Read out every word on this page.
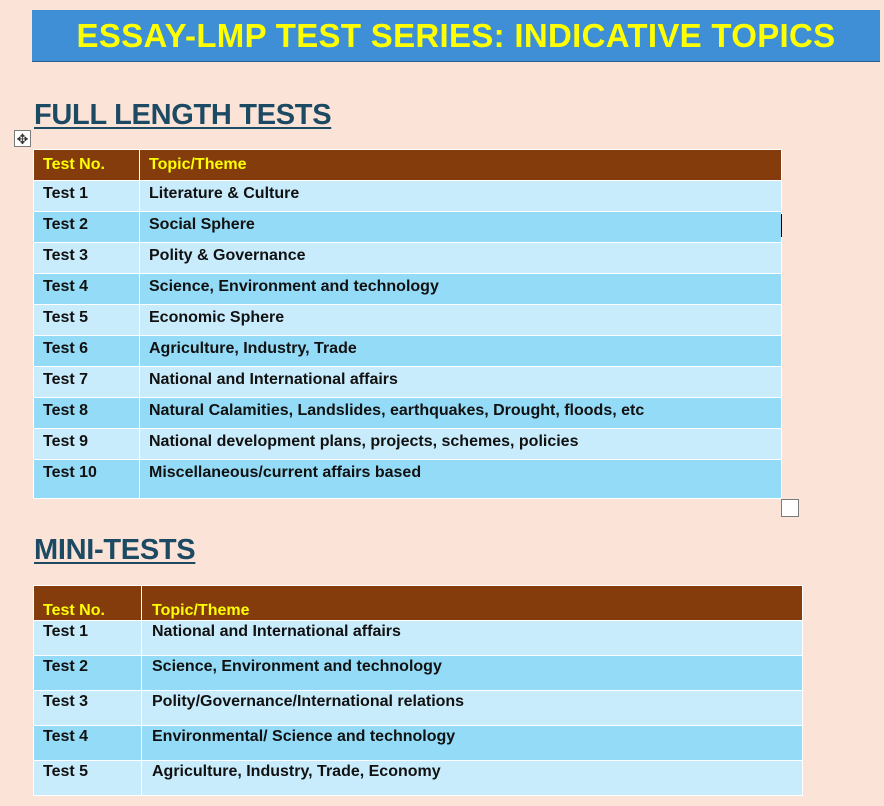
ESSAY-LMP TEST SERIES: INDICATIVE TOPICS
FULL LENGTH TESTS
✥
Test No.	Topic/Theme
Test 1	Literature & Culture
Test 2	Social Sphere
Test 3	Polity & Governance
Test 4	Science, Environment and technology
Test 5	Economic Sphere
Test 6	Agriculture, Industry, Trade
Test 7	National and International affairs
Test 8	Natural Calamities, Landslides, earthquakes, Drought, floods, etc
Test 9	National development plans, projects, schemes, policies
Test 10	Miscellaneous/current affairs based
MINI-TESTS
Test No.	Topic/Theme
Test 1	National and International affairs
Test 2	Science, Environment and technology
Test 3	Polity/Governance/International relations
Test 4	Environmental/ Science and technology
Test 5	Agriculture, Industry, Trade, Economy
